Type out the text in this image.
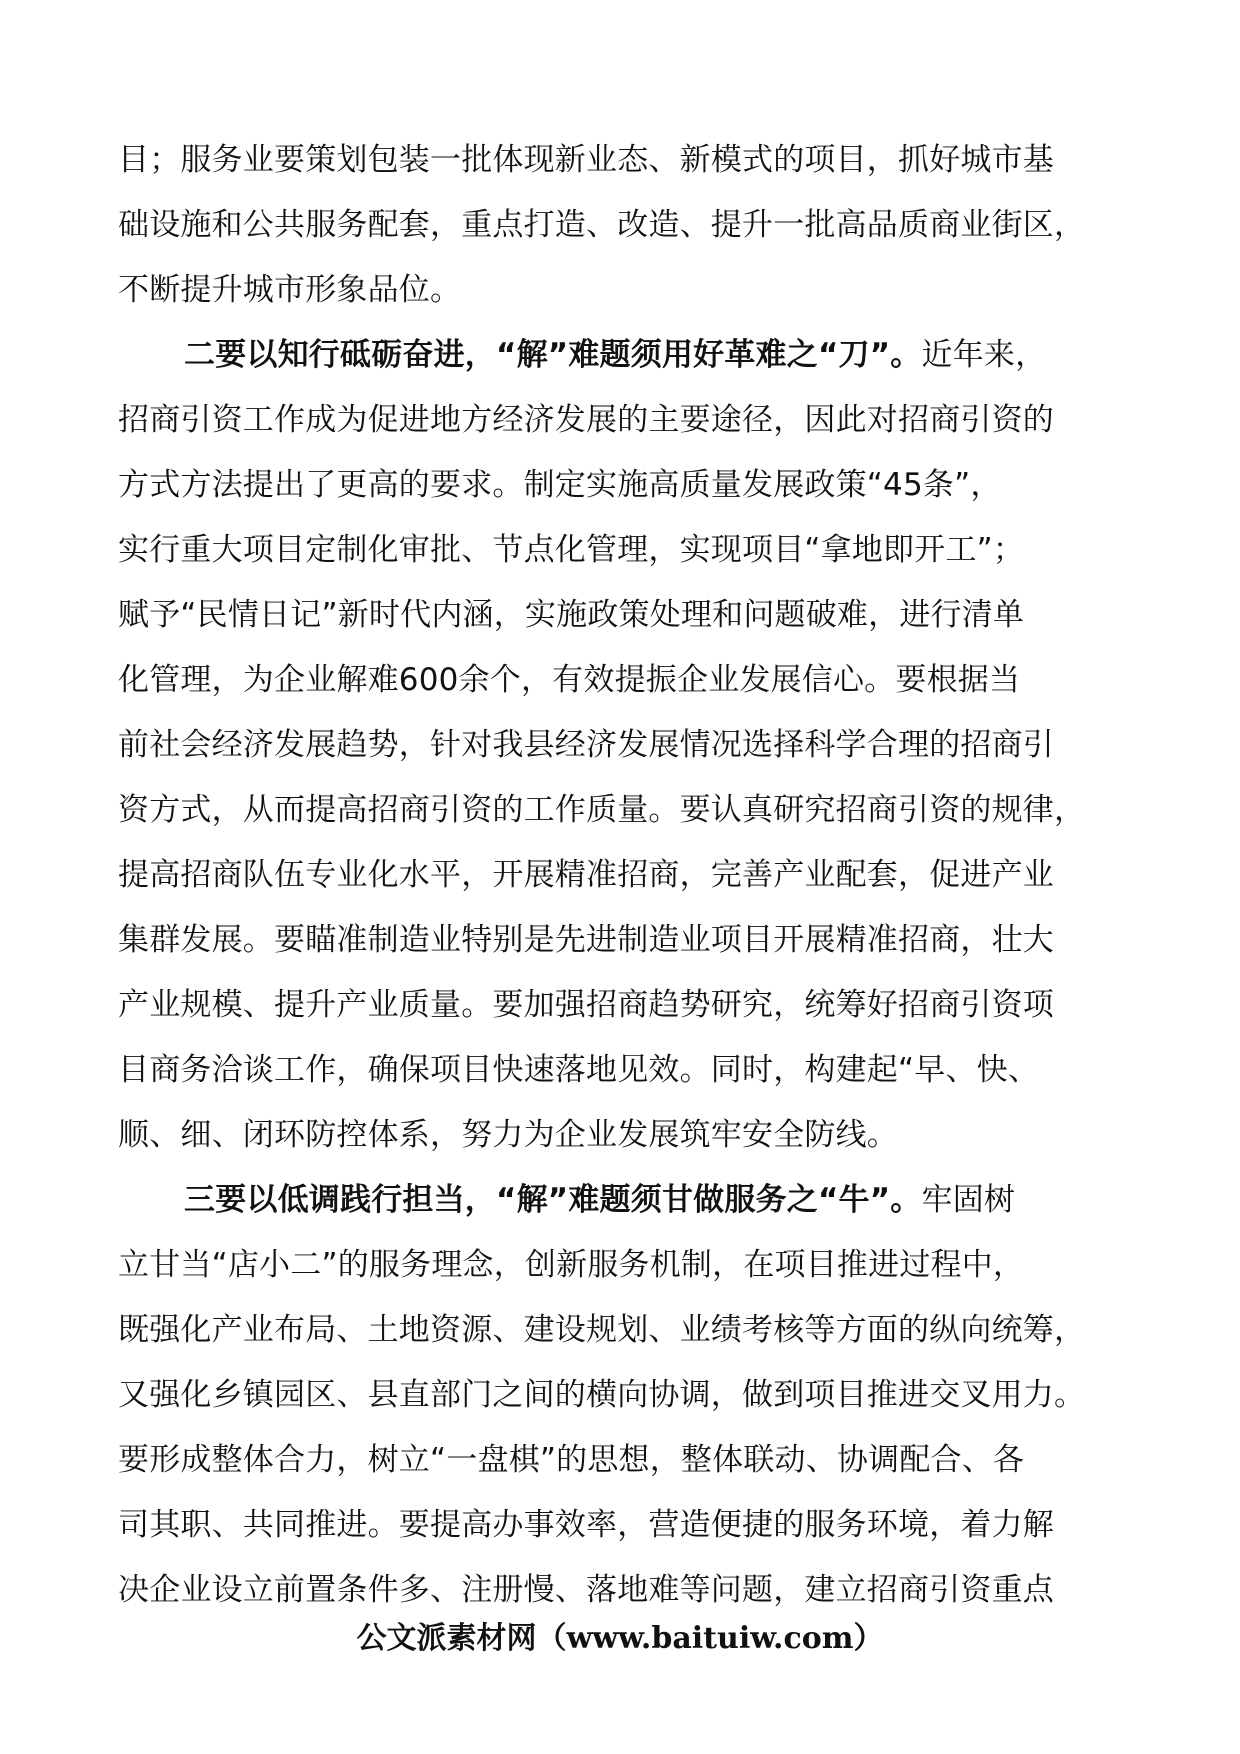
目；服务业要策划包装一批体现新业态、新模式的项目，抓好城市基
础设施和公共服务配套，重点打造、改造、提升一批高品质商业街区，
不断提升城市形象品位。
二要以知行砥砺奋进，“解”难题须用好革难之“刀”。近年来，
招商引资工作成为促进地方经济发展的主要途径，因此对招商引资的
方式方法提出了更高的要求。制定实施高质量发展政策“45条”，
实行重大项目定制化审批、节点化管理，实现项目“拿地即开工”；
赋予“民情日记”新时代内涵，实施政策处理和问题破难，进行清单
化管理，为企业解难600余个，有效提振企业发展信心。要根据当
前社会经济发展趋势，针对我县经济发展情况选择科学合理的招商引
资方式，从而提高招商引资的工作质量。要认真研究招商引资的规律，
提高招商队伍专业化水平，开展精准招商，完善产业配套，促进产业
集群发展。要瞄准制造业特别是先进制造业项目开展精准招商，壮大
产业规模、提升产业质量。要加强招商趋势研究，统筹好招商引资项
目商务洽谈工作，确保项目快速落地见效。同时，构建起“早、快、
顺、细、闭环防控体系，努力为企业发展筑牢安全防线。
三要以低调践行担当，“解”难题须甘做服务之“牛”。牢固树
立甘当“店小二”的服务理念，创新服务机制，在项目推进过程中，
既强化产业布局、土地资源、建设规划、业绩考核等方面的纵向统筹，
又强化乡镇园区、县直部门之间的横向协调，做到项目推进交叉用力。
要形成整体合力，树立“一盘棋”的思想，整体联动、协调配合、各
司其职、共同推进。要提高办事效率，营造便捷的服务环境，着力解
决企业设立前置条件多、注册慢、落地难等问题，建立招商引资重点
公文派素材网（www.baituiw.com）
